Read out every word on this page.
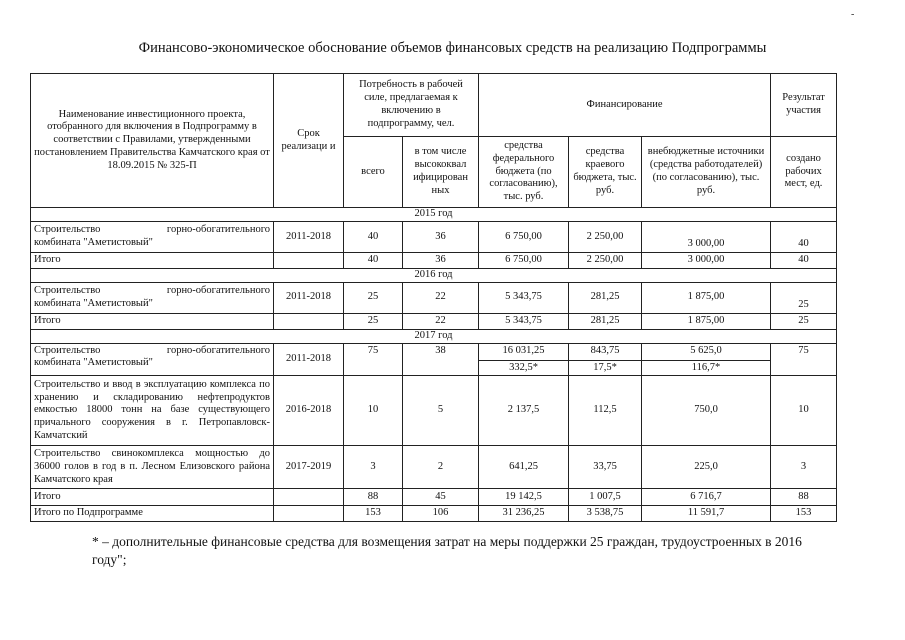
-
Финансово-экономическое обоснование объемов финансовых средств на реализацию Подпрограммы
Наименование инвестиционного проекта, отобранного для включения в Подпрограмму в соответствии с Правилами, утвержденными постановлением Правительства Камчатского края от 18.09.2015 № 325-П	Срок реализаци и	Потребность в рабочей силе, предлагаемая к включению в подпрограмму, чел.		Финансирование			Результат участия
		всего	в том числе высококвал ифицирован ных	средства федерального бюджета (по согласованию), тыс. руб.	средства краевого бюджета, тыс. руб.	внебюджетные источники (средства работодателей) (по согласованию), тыс. руб.	создано рабочих мест, ед.
2015 год							

Строительство горно-обогатительного
комбината "Аметистовый"	2011-2018	40	36	6 750,00	2 250,00	3 000,00	40
Итого		40	36	6 750,00	2 250,00	3 000,00	40
2016 год							

Строительство горно-обогатительного
комбината "Аметистовый"	2011-2018	25	22	5 343,75	281,25	1 875,00	25
Итого		25	22	5 343,75	281,25	1 875,00	25
2017 год							

Строительство горно-обогатительного
комбината "Аметистовый"	2011-2018	75	38	16 031,25	843,75	5 625,0	75
				332,5*	17,5*	116,7*	
Строительство и ввод в эксплуатацию комплекса по хранению и складированию нефтепродуктов емкостью 18000 тонн на базе существующего причального сооружения в г. Петропавловск-Камчатский	2016-2018	10	5	2 137,5	112,5	750,0	10
Строительство свинокомплекса мощностью до 36000 голов в год в п. Лесном Елизовского района Камчатского края	2017-2019	3	2	641,25	33,75	225,0	3
Итого		88	45	19 142,5	1 007,5	6 716,7	88
Итого по Подпрограмме		153	106	31 236,25	3 538,75	11 591,7	153
* – дополнительные финансовые средства для возмещения затрат на меры поддержки 25 граждан, трудоустроенных в 2016 году";
